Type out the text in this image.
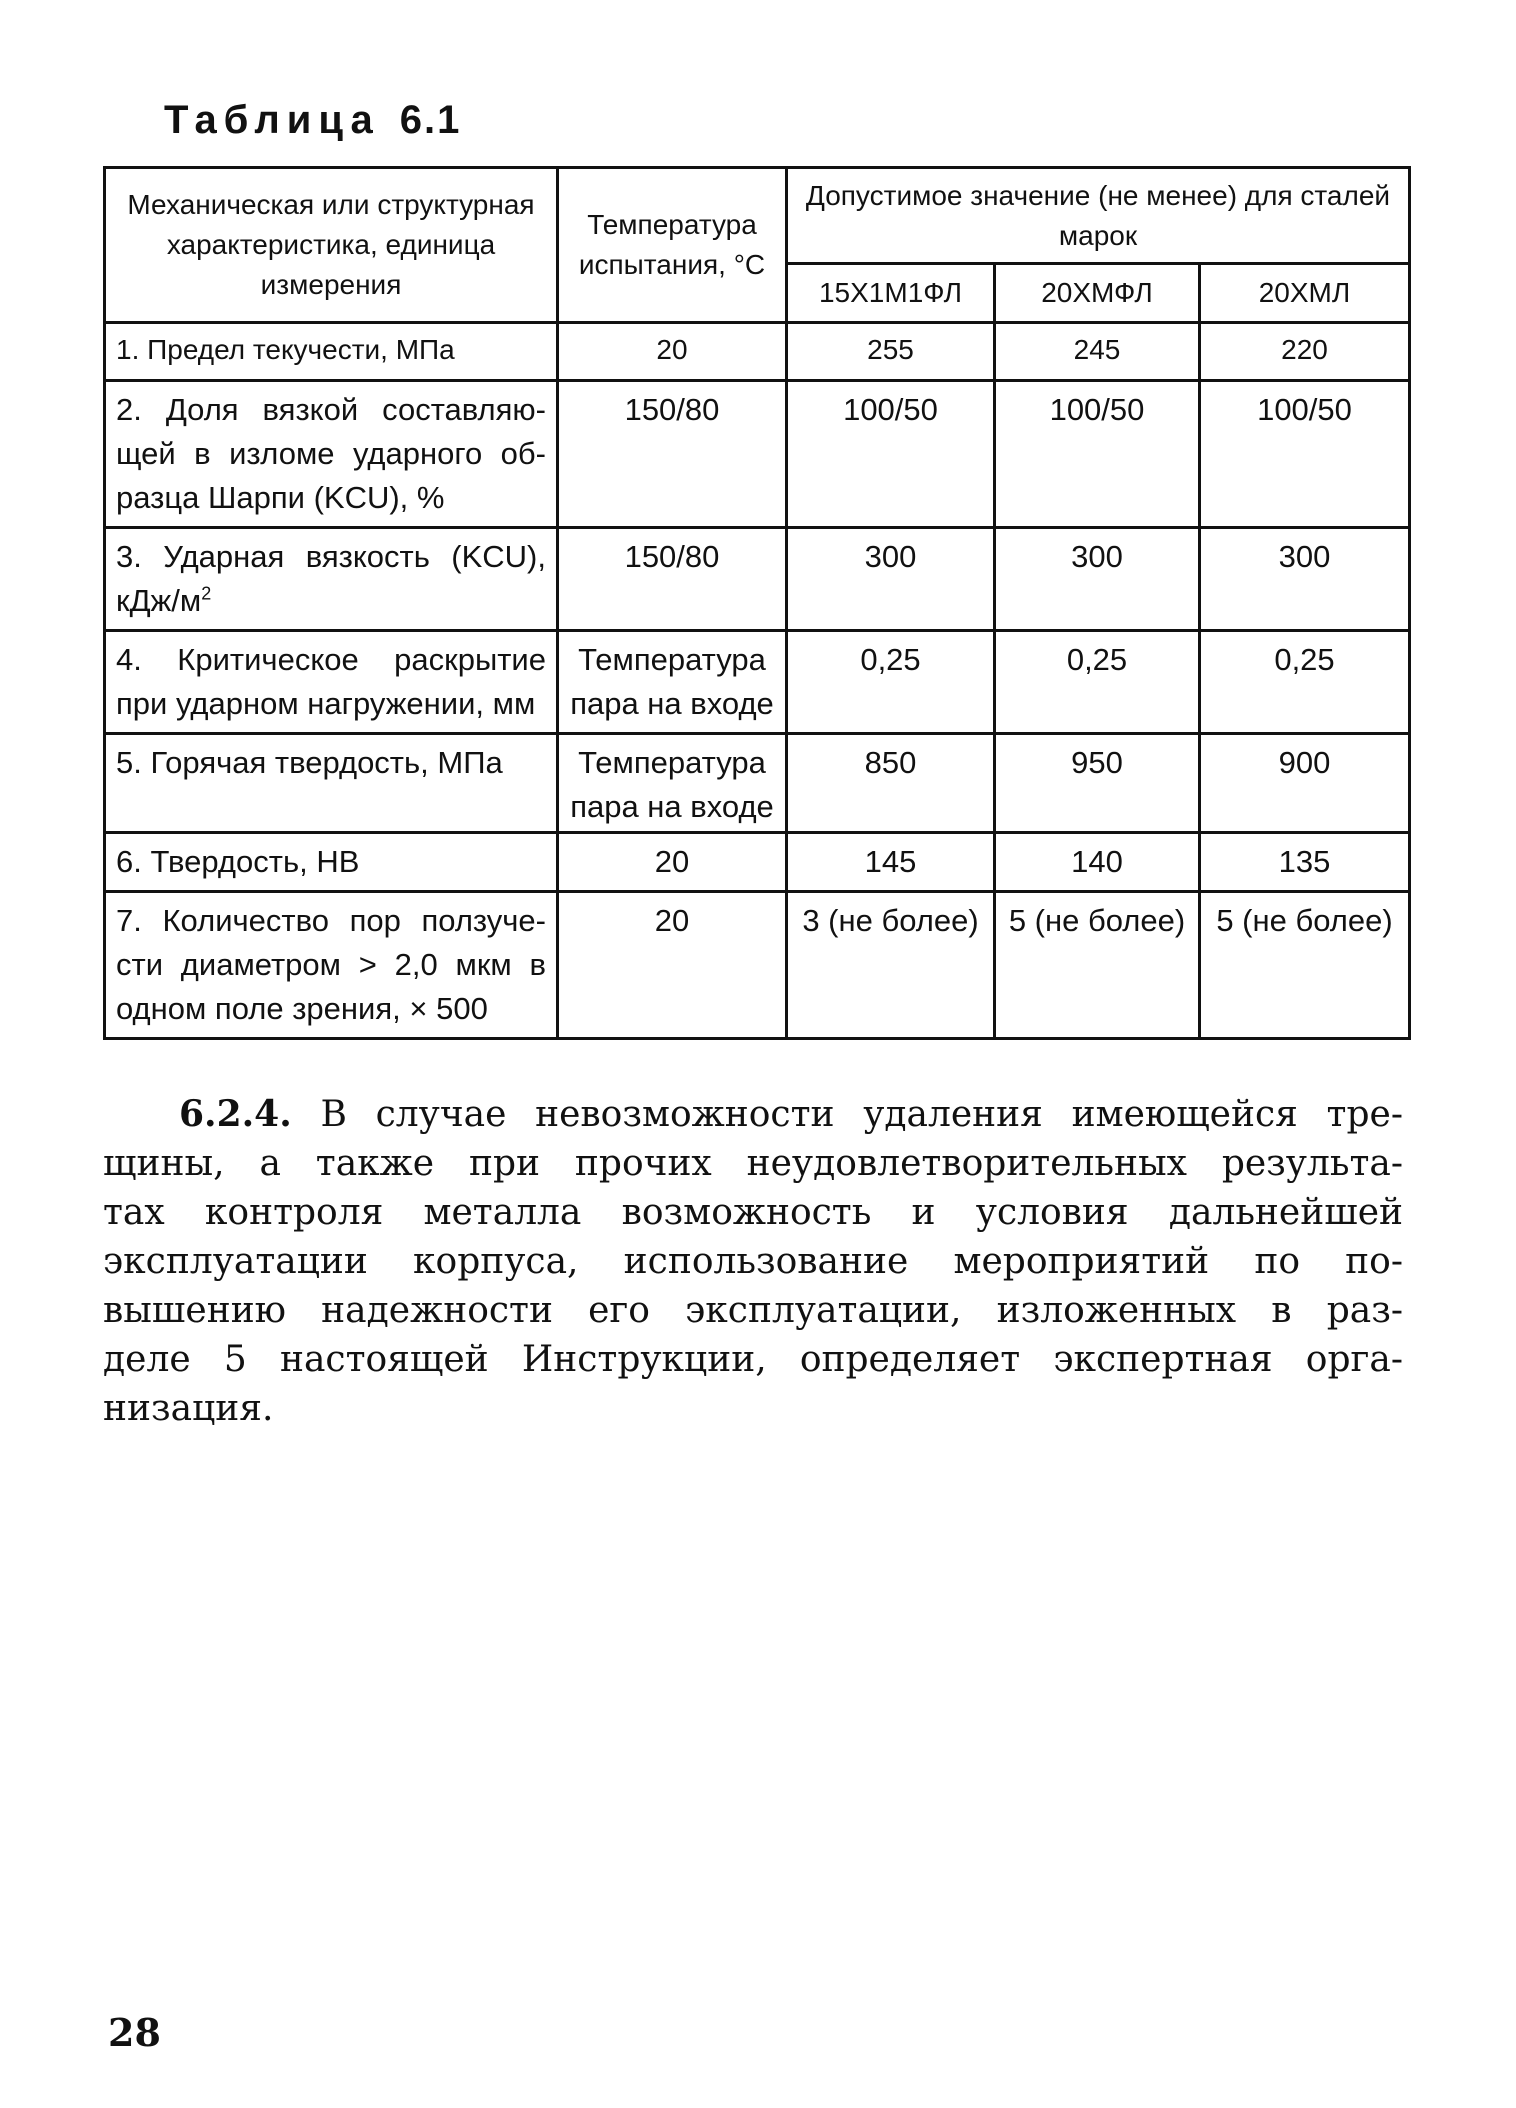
Таблица 6.1
Механическая или структурная характеристика, единица измерения	Температура испытания, °С	Допустимое значение (не менее) для сталей марок		
		15Х1М1ФЛ	20ХМФЛ	20ХМЛ
1. Предел текучести, МПа	20	255	245	220
2. Доля вязкой составляю-щей в изломе ударного об-разца Шарпи (KCU), %	150/80	100/50	100/50	100/50
3. Ударная вязкость (KCU), кДж/$м^2$	150/80	300	300	300
4. Критическое раскрытие при ударном нагружении, мм	Температура пара на входе	0,25	0,25	0,25
5. Горячая твердость, МПа	Температура пара на входе	850	950	900
6. Твердость, НВ	20	145	140	135
7. Количество пор ползуче-сти диаметром > 2,0 мкм в одном поле зрения, × 500	20	3 (не более)	5 (не более)	5 (не более)
6.2.4. В случае невозможности удаления имеющейся тре-
щины, а также при прочих неудовлетворительных результа-
тах контроля металла возможность и условия дальнейшей
эксплуатации корпуса, использование мероприятий по по-
вышению надежности его эксплуатации, изложенных в раз-
деле 5 настоящей Инструкции, определяет экспертная орга-
низация.
28
